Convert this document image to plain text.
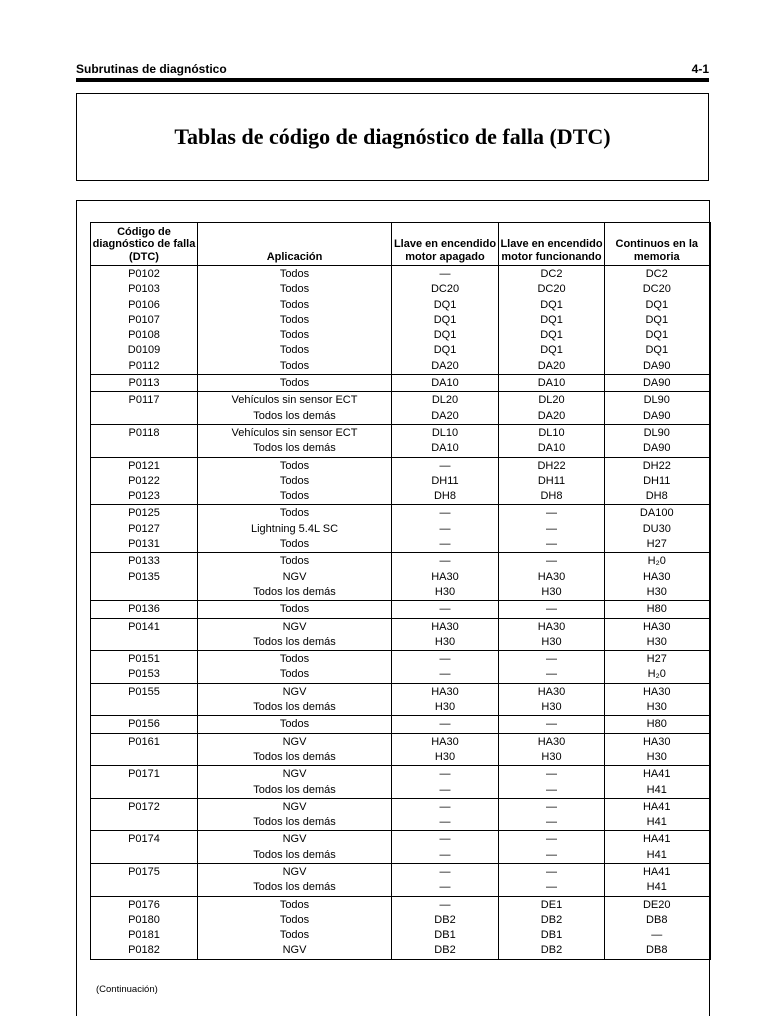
Subrutinas de diagnóstico	4-1
Tablas de código de diagnóstico de falla (DTC)
Código de diagnóstico de falla (DTC)	Aplicación	Llave en encendido motor apagado	Llave en encendido motor funcionando	Continuos en la memoria
P0102	Todos	—	DC2	DC2
P0103	Todos	DC20	DC20	DC20
P0106	Todos	DQ1	DQ1	DQ1
P0107	Todos	DQ1	DQ1	DQ1
P0108	Todos	DQ1	DQ1	DQ1
D0109	Todos	DQ1	DQ1	DQ1
P0112	Todos	DA20	DA20	DA90
P0113	Todos	DA10	DA10	DA90
P0117	Vehículos sin sensor ECT	DL20	DL20	DL90
	Todos los demás	DA20	DA20	DA90
P0118	Vehículos sin sensor ECT	DL10	DL10	DL90
	Todos los demás	DA10	DA10	DA90
P0121	Todos	—	DH22	DH22
P0122	Todos	DH11	DH11	DH11
P0123	Todos	DH8	DH8	DH8
P0125	Todos	—	—	DA100
P0127	Lightning 5.4L SC	—	—	DU30
P0131	Todos	—	—	H27
P0133	Todos	—	—	H₂0
P0135	NGV	HA30	HA30	HA30
	Todos los demás	H30	H30	H30
P0136	Todos	—	—	H80
P0141	NGV	HA30	HA30	HA30
	Todos los demás	H30	H30	H30
P0151	Todos	—	—	H27
P0153	Todos	—	—	H₂0
P0155	NGV	HA30	HA30	HA30
	Todos los demás	H30	H30	H30
P0156	Todos	—	—	H80
P0161	NGV	HA30	HA30	HA30
	Todos los demás	H30	H30	H30
P0171	NGV	—	—	HA41
	Todos los demás	—	—	H41
P0172	NGV	—	—	HA41
	Todos los demás	—	—	H41
P0174	NGV	—	—	HA41
	Todos los demás	—	—	H41
P0175	NGV	—	—	HA41
	Todos los demás	—	—	H41
P0176	Todos	—	DE1	DE20
P0180	Todos	DB2	DB2	DB8
P0181	Todos	DB1	DB1	—
P0182	NGV	DB2	DB2	DB8
(Continuación)
